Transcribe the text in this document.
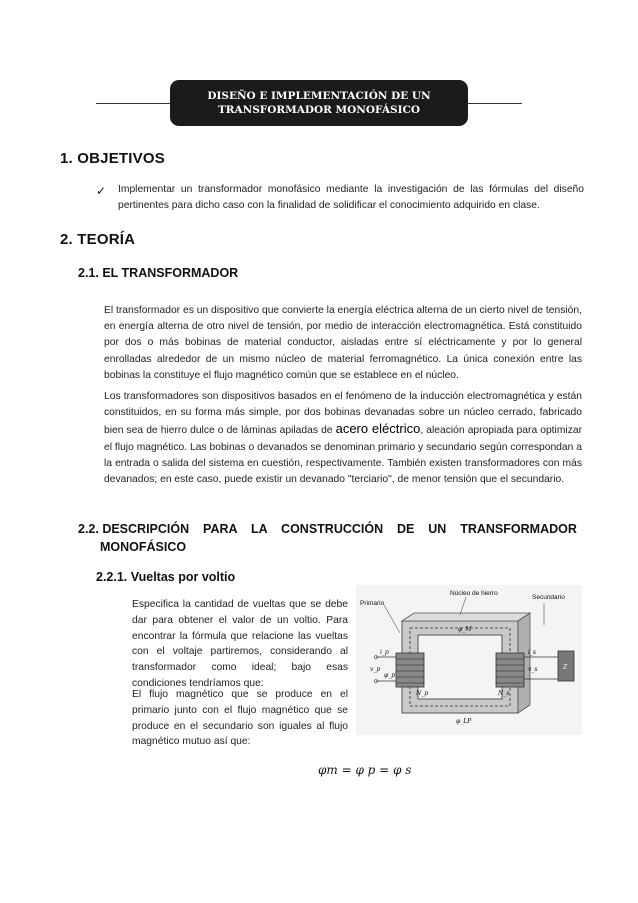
DISEÑO E IMPLEMENTACIÓN DE UN
TRANSFORMADOR MONOFÁSICO
1. OBJETIVOS
✓ Implementar un transformador monofásico mediante la investigación de las fórmulas del diseño pertinentes para dicho caso con la finalidad de solidificar el conocimiento adquirido en clase.
2. TEORÍA
2.1. EL TRANSFORMADOR
El transformador es un dispositivo que convierte la energía eléctrica alterna de un cierto nivel de tensión, en energía alterna de otro nivel de tensión, por medio de interacción electromagnética. Está constituido por dos o más bobinas de material conductor, aisladas entre sí eléctricamente y por lo general enrolladas alrededor de un mismo núcleo de material ferromagnético. La única conexión entre las bobinas la constituye el flujo magnético común que se establece en el núcleo.
Los transformadores son dispositivos basados en el fenómeno de la inducción electromagnética y están constituidos, en su forma más simple, por dos bobinas devanadas sobre un núcleo cerrado, fabricado bien sea de hierro dulce o de láminas apiladas de acero eléctrico, aleación apropiada para optimizar el flujo magnético. Las bobinas o devanados se denominan primario y secundario según correspondan a la entrada o salida del sistema en cuestión, respectivamente. También existen transformadores con más devanados; en este caso, puede existir un devanado "terciario", de menor tensión que el secundario.
2.2. DESCRIPCIÓN    PARA    LA    CONSTRUCCIÓN    DE    UN    TRANSFORMADOR
MONOFÁSICO
2.2.1. Vueltas por voltio
Especifica la cantidad de vueltas que se debe dar para obtener el valor de un voltio. Para encontrar la fórmula que relacione las vueltas con el voltaje partiremos, considerando al transformador como ideal; bajo esas condiciones tendríamos que:
El flujo magnético que se produce en el primario junto con el flujo magnético que se produce en el secundario son iguales al flujo magnético mutuo así que:
φm = φ p = φ s
Primario
Núcleo de hierro
Secundario
i_p
v_p
φ_p
N_p
i_s
v_s
N_s
φ_M
φ_LP
Z
